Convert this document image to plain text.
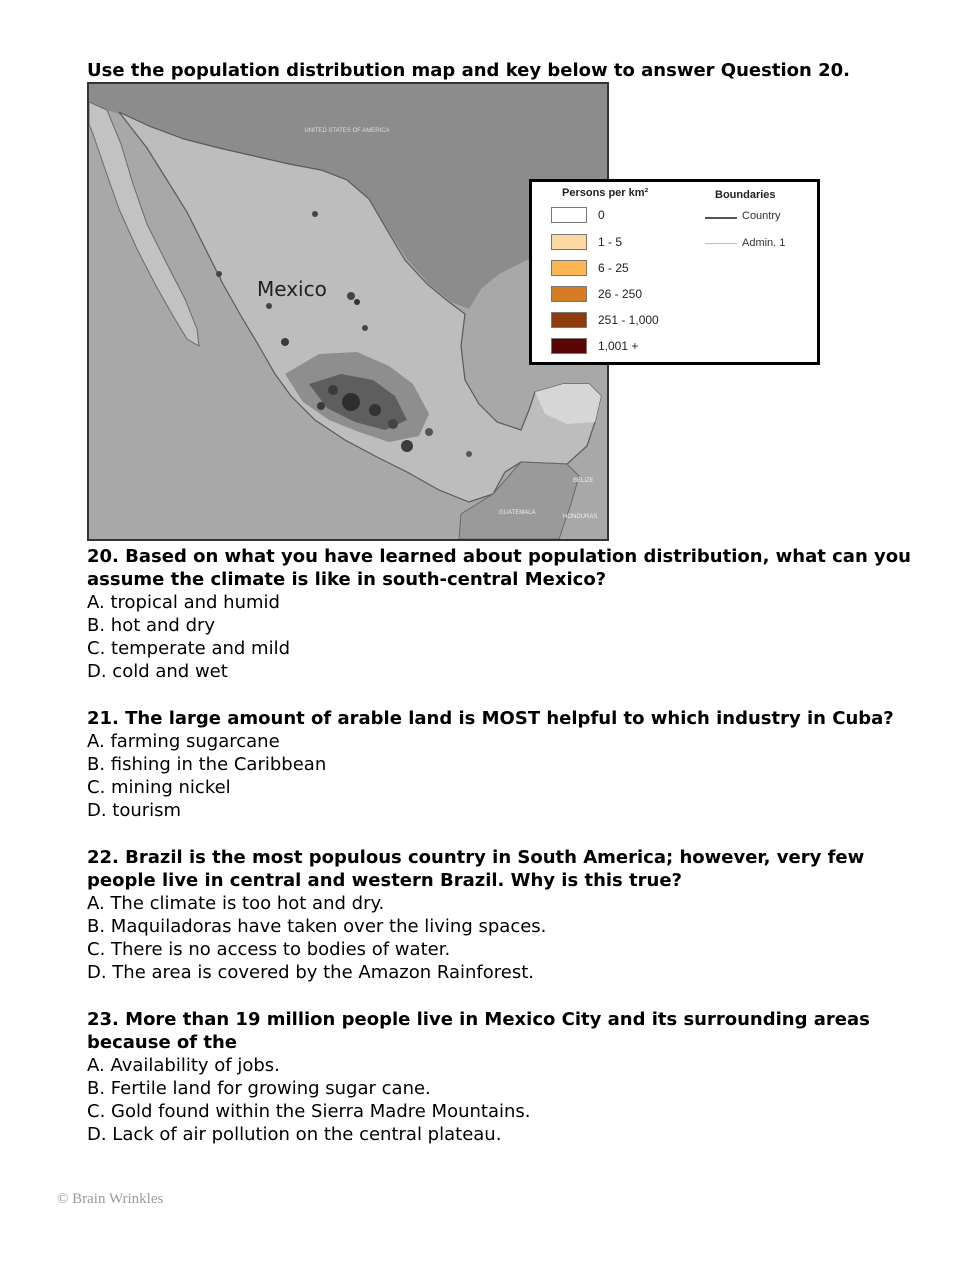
Use the population distribution map and key below to answer Question 20.
UNITED STATES OF AMERICA
Mexico
BELIZE
GUATEMALA
HONDURAS
Persons per km²	Boundaries
0
1 - 5
6 - 25
26 - 250
251 - 1,000
1,001 +
Country
Admin. 1
20. Based on what you have learned about population distribution, what can you assume the climate is like in south-central Mexico?
A. tropical and humid
B. hot and dry
C. temperate and mild
D. cold and wet
21. The large amount of arable land is MOST helpful to which industry in Cuba?
A. farming sugarcane
B. fishing in the Caribbean
C. mining nickel
D. tourism
22. Brazil is the most populous country in South America; however, very few people live in central and western Brazil. Why is this true?
A. The climate is too hot and dry.
B. Maquiladoras have taken over the living spaces.
C. There is no access to bodies of water.
D. The area is covered by the Amazon Rainforest.
23. More than 19 million people live in Mexico City and its surrounding areas because of the
A. Availability of jobs.
B. Fertile land for growing sugar cane.
C. Gold found within the Sierra Madre Mountains.
D. Lack of air pollution on the central plateau.
© Brain Wrinkles
